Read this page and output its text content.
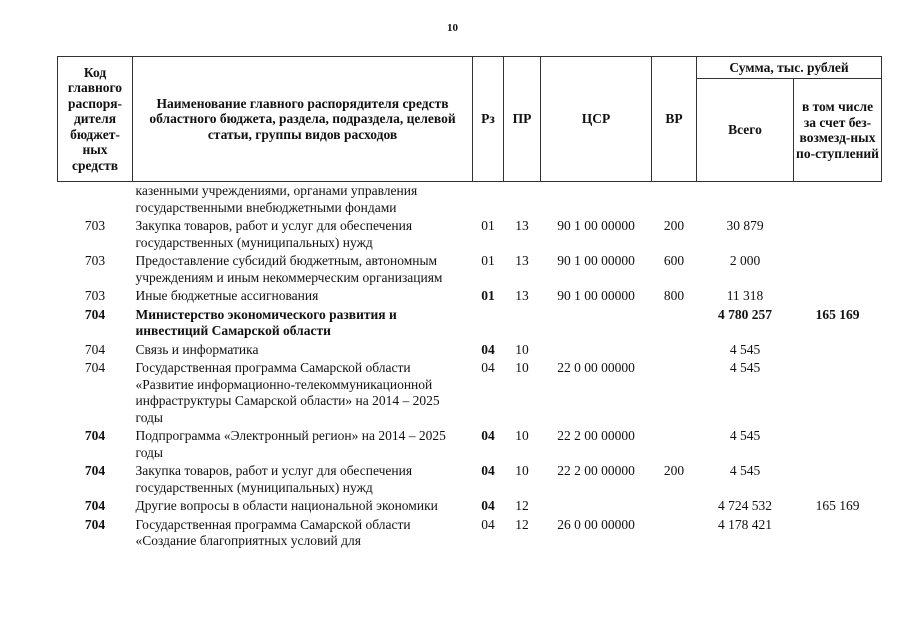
10
Код главного распоря-дителя бюджет-ных средств	Наименование главного распорядителя средств областного бюджета, раздела, подраздела, целевой статьи, группы видов расходов	Рз	ПР	ЦСР	ВР	Сумма, тыс. рублей	
						Всего	в том числе за счет без-возмезд-ных по-ступлений
	казенными учреждениями, органами управления государственными внебюджетными фондами						
703	Закупка товаров, работ и услуг для обеспечения государственных (муниципальных) нужд	01	13	90 1 00 00000	200	30 879	
703	Предоставление субсидий бюджетным, автономным учреждениям и иным некоммерческим организациям	01	13	90 1 00 00000	600	2 000	
703	Иные бюджетные ассигнования	01	13	90 1 00 00000	800	11 318	
704	Министерство экономического развития и инвестиций Самарской области					4 780 257	165 169
704	Связь и информатика	04	10			4 545	
704	Государственная программа Самарской области «Развитие информационно-телекоммуникационной инфраструктуры Самарской области» на 2014 – 2025 годы	04	10	22 0 00 00000		4 545	
704	Подпрограмма «Электронный регион» на 2014 – 2025 годы	04	10	22 2 00 00000		4 545	
704	Закупка товаров, работ и услуг для обеспечения государственных (муниципальных) нужд	04	10	22 2 00 00000	200	4 545	
704	Другие вопросы в области национальной экономики	04	12			4 724 532	165 169
704	Государственная программа Самарской области «Создание благоприятных условий для	04	12	26 0 00 00000		4 178 421	
